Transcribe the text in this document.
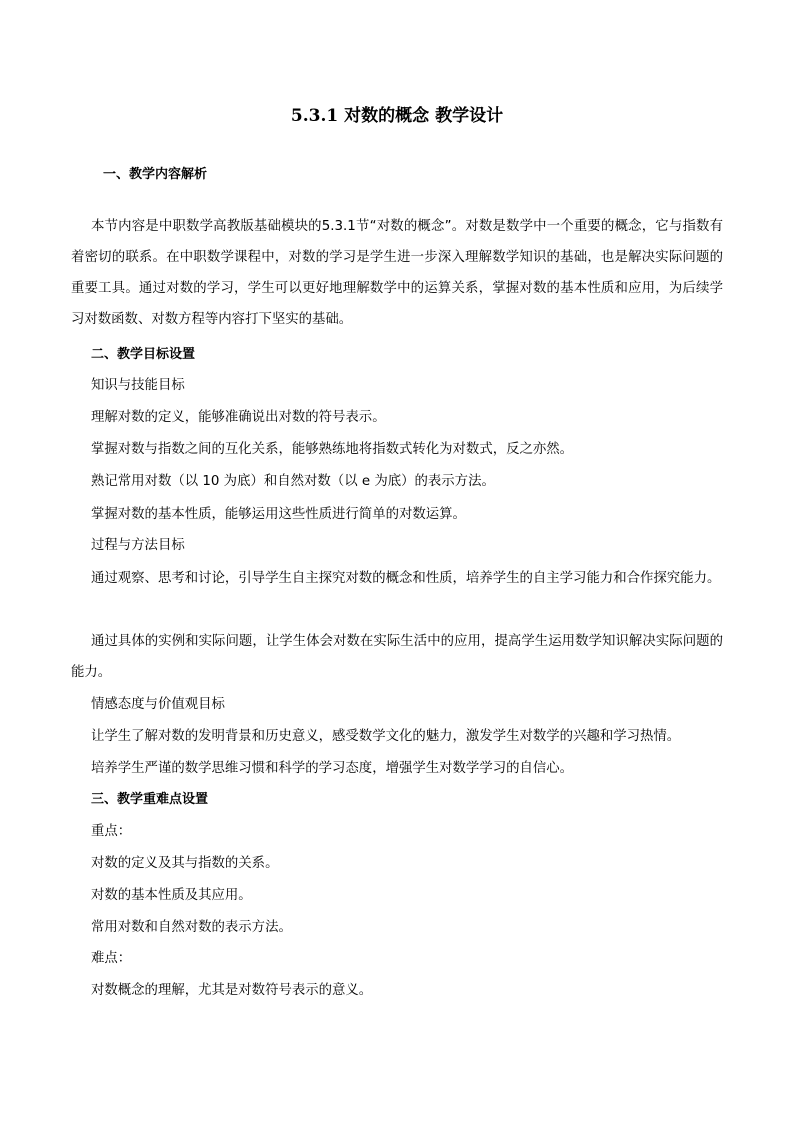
5.3.1 对数的概念 教学设计
一、教学内容解析

本节内容是中职数学高教版基础模块的5.3.1节“对数的概念”。对数是数学中一个重要的概念，它与指数有着密切的联系。在中职数学课程中，对数的学习是学生进一步深入理解数学知识的基础，也是解决实际问题的重要工具。通过对数的学习，学生可以更好地理解数学中的运算关系，掌握对数的基本性质和应用，为后续学习对数函数、对数方程等内容打下坚实的基础。

二、教学目标设置
知识与技能目标
理解对数的定义，能够准确说出对数的符号表示。
掌握对数与指数之间的互化关系，能够熟练地将指数式转化为对数式，反之亦然。
熟记常用对数（以 10 为底）和自然对数（以 e 为底）的表示方法。
掌握对数的基本性质，能够运用这些性质进行简单的对数运算。
过程与方法目标

通过观察、思考和讨论，引导学生自主探究对数的概念和性质，培养学生的自主学习能力和合作探究能力。

通过具体的实例和实际问题，让学生体会对数在实际生活中的应用，提高学生运用数学知识解决实际问题的能力。

情感态度与价值观目标
让学生了解对数的发明背景和历史意义，感受数学文化的魅力，激发学生对数学的兴趣和学习热情。
培养学生严谨的数学思维习惯和科学的学习态度，增强学生对数学学习的自信心。
三、教学重难点设置
重点：
对数的定义及其与指数的关系。
对数的基本性质及其应用。
常用对数和自然对数的表示方法。
难点：
对数概念的理解，尤其是对数符号表示的意义。
